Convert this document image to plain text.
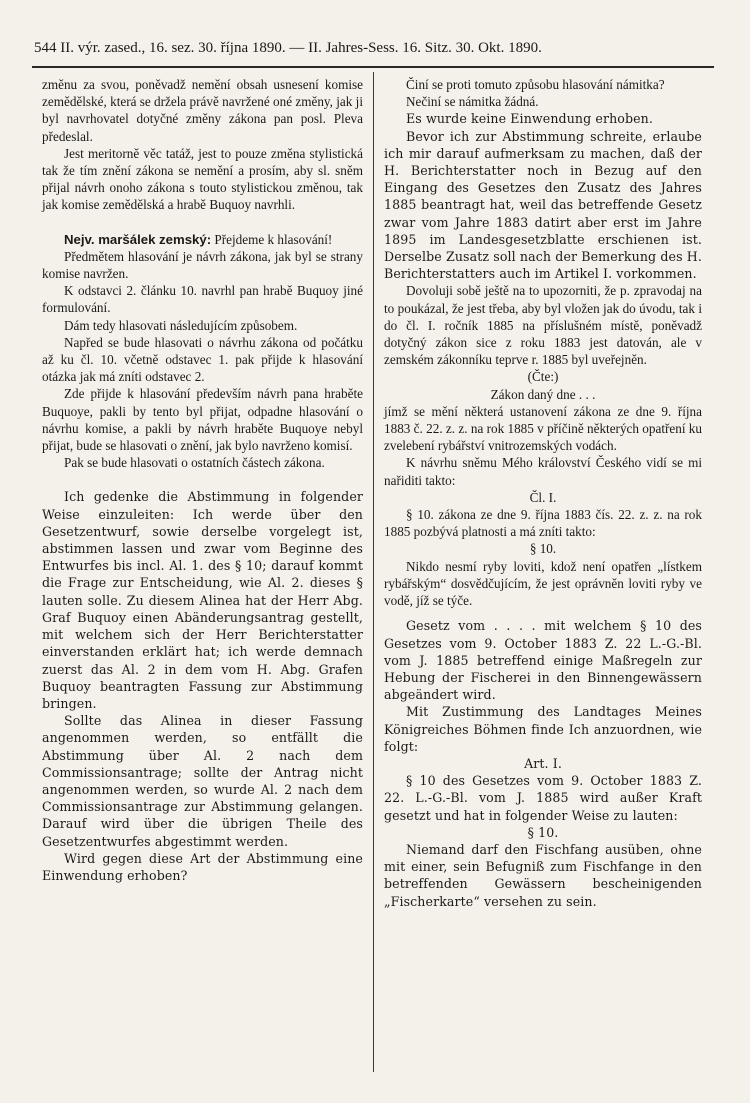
544 II. výr. zased., 16. sez. 30. října 1890. — II. Jahres-Sess. 16. Sitz. 30. Okt. 1890.

změnu za svou, poněvadž nemění obsah usnesení komise zemědělské, která se držela právě navržené oné změny, jak ji byl navrhovatel dotyčné změny zákona pan posl. Pleva předeslal.

Jest meritorně věc tatáž, jest to pouze změna stylistická tak že tím znění zákona se nemění a prosím, aby sl. sněm přijal návrh onoho zákona s touto stylistickou změnou, tak jak komise zemědělská a hrabě Buquoy navrhli.

Nejv. maršálek zemský: Přejdeme k hlasování!

Předmětem hlasování je návrh zákona, jak byl se strany komise navržen.

K odstavci 2. článku 10. navrhl pan hrabě Buquoy jiné formulování.

Dám tedy hlasovati následujícím způsobem.

Napřed se bude hlasovati o návrhu zákona od počátku až ku čl. 10. včetně odstavec 1. pak přijde k hlasování otázka jak má zníti odstavec 2.

Zde přijde k hlasování především návrh pana hraběte Buquoye, pakli by tento byl přijat, odpadne hlasování o návrhu komise, a pakli by návrh hraběte Buquoye nebyl přijat, bude se hlasovati o znění, jak bylo navrženo komisí.

Pak se bude hlasovati o ostatních částech zákona.

Ich gedenke die Abstimmung in folgender Weise einzuleiten: Ich werde über den Gesetzentwurf, sowie derselbe vorgelegt ist, abstimmen lassen und zwar vom Beginne des Entwurfes bis incl. Al. 1. des § 10; darauf kommt die Frage zur Entscheidung, wie Al. 2. dieses § lauten solle. Zu diesem Alinea hat der Herr Abg. Graf Buquoy einen Abänderungsantrag gestellt, mit welchem sich der Herr Berichterstatter einverstanden erklärt hat; ich werde demnach zuerst das Al. 2 in dem vom H. Abg. Grafen Buquoy beantragten Fassung zur Abstimmung bringen.

Sollte das Alinea in dieser Fassung angenommen werden, so entfällt die Abstimmung über Al. 2 nach dem Commissionsantrage; sollte der Antrag nicht angenommen werden, so wurde Al. 2 nach dem Commissionsantrage zur Abstimmung gelangen. Darauf wird über die übrigen Theile des Gesetzentwurfes abgestimmt werden.

Wird gegen diese Art der Abstimmung eine Einwendung erhoben?

Činí se proti tomuto způsobu hlasování námitka?

Nečiní se námitka žádná.

Es wurde keine Einwendung erhoben.

Bevor ich zur Abstimmung schreite, erlaube ich mir darauf aufmerksam zu machen, daß der H. Berichterstatter noch in Bezug auf den Eingang des Gesetzes den Zusatz des Jahres 1885 beantragt hat, weil das betreffende Gesetz zwar vom Jahre 1883 datirt aber erst im Jahre 1895 im Landesgesetzblatte erschienen ist. Derselbe Zusatz soll nach der Bemerkung des H. Berichterstatters auch im Artikel I. vorkommen.

Dovoluji sobě ještě na to upozorniti, že p. zpravodaj na to poukázal, že jest třeba, aby byl vložen jak do úvodu, tak i do čl. I. ročník 1885 na příslušném místě, poněvadž dotyčný zákon sice z roku 1883 jest datován, ale v zemském zákonníku teprve r. 1885 byl uveřejněn.

(Čte:)

Zákon daný dne . . .

jímž se mění některá ustanovení zákona ze dne 9. října 1883 č. 22. z. z. na rok 1885 v příčině některých opatření ku zvelebení rybářství vnitrozemských vodách.

K návrhu sněmu Mého království Českého vidí se mi nařiditi takto:

Čl. I.

§ 10. zákona ze dne 9. října 1883 čís. 22. z. z. na rok 1885 pozbývá platnosti a má zníti takto:

§ 10.

Nikdo nesmí ryby loviti, kdož není opatřen „lístkem rybářským“ dosvědčujícím, že jest oprávněn loviti ryby ve vodě, jíž se týče.

Gesetz vom . . . . mit welchem § 10 des Gesetzes vom 9. October 1883 Z. 22 L.-G.-Bl. vom J. 1885 betreffend einige Maßregeln zur Hebung der Fischerei in den Binnengewässern abgeändert wird.

Mit Zustimmung des Landtages Meines Königreiches Böhmen finde Ich anzuordnen, wie folgt:

Art. I.

§ 10 des Gesetzes vom 9. October 1883 Z. 22. L.-G.-Bl. vom J. 1885 wird außer Kraft gesetzt und hat in folgender Weise zu lauten:

§ 10.

Niemand darf den Fischfang ausüben, ohne mit einer, sein Befugniß zum Fischfange in den betreffenden Gewässern bescheinigenden „Fischerkarte“ versehen zu sein.
